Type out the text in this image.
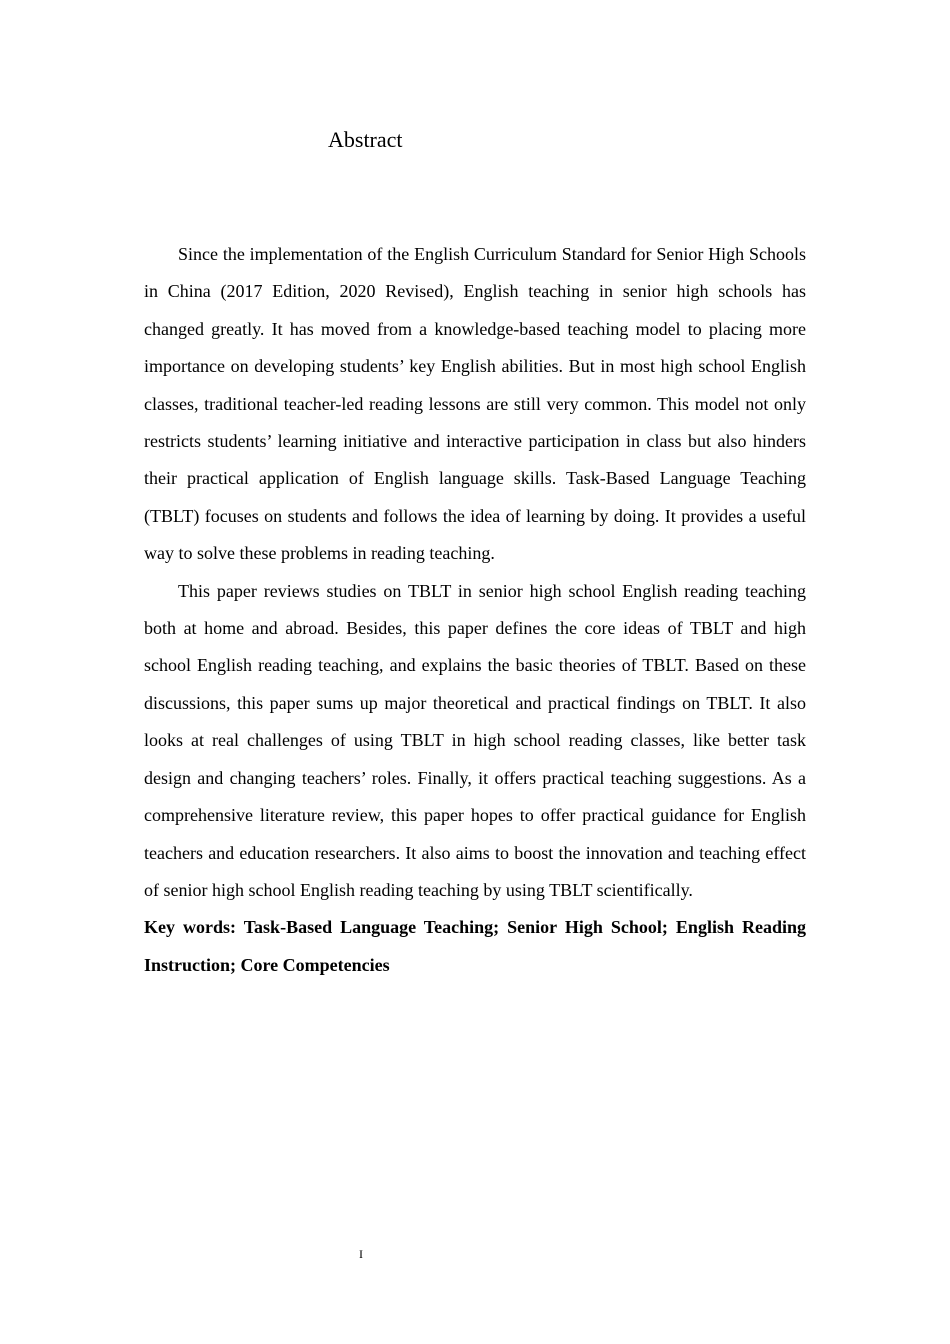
Abstract

Since the implementation of the English Curriculum Standard for Senior High Schools in China (2017 Edition, 2020 Revised), English teaching in senior high schools has changed greatly. It has moved from a knowledge-based teaching model to placing more importance on developing students’ key English abilities. But in most high school English classes, traditional teacher-led reading lessons are still very common. This model not only restricts students’ learning initiative and interactive participation in class but also hinders their practical application of English language skills. Task-Based Language Teaching (TBLT) focuses on students and follows the idea of learning by doing. It provides a useful way to solve these problems in reading teaching.

This paper reviews studies on TBLT in senior high school English reading teaching both at home and abroad. Besides, this paper defines the core ideas of TBLT and high school English reading teaching, and explains the basic theories of TBLT. Based on these discussions, this paper sums up major theoretical and practical findings on TBLT. It also looks at real challenges of using TBLT in high school reading classes, like better task design and changing teachers’ roles. Finally, it offers practical teaching suggestions. As a comprehensive literature review, this paper hopes to offer practical guidance for English teachers and education researchers. It also aims to boost the innovation and teaching effect of senior high school English reading teaching by using TBLT scientifically.

Key words: Task-Based Language Teaching; Senior High School; English Reading Instruction; Core Competencies

I
